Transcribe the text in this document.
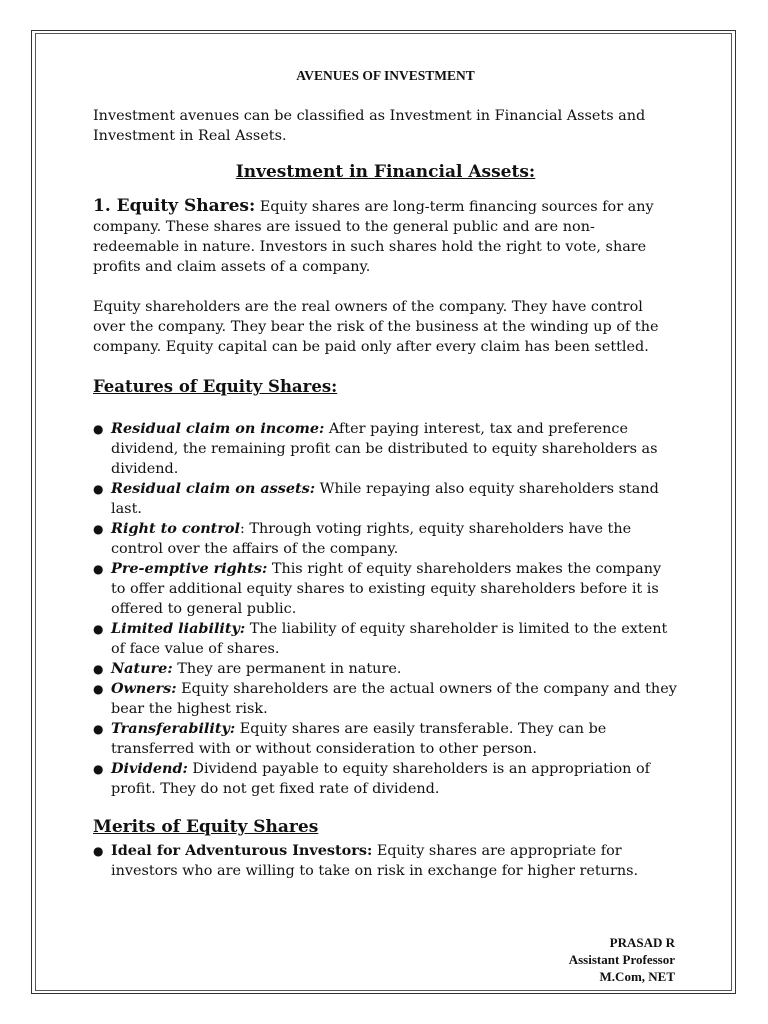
AVENUES OF INVESTMENT

Investment avenues can be classified as Investment in Financial Assets and Investment in Real Assets.

Investment in Financial Assets:

1. Equity Shares: Equity shares are long-term financing sources for any company. These shares are issued to the general public and are non-redeemable in nature. Investors in such shares hold the right to vote, share profits and claim assets of a company.

Equity shareholders are the real owners of the company. They have control over the company. They bear the risk of the business at the winding up of the company. Equity capital can be paid only after every claim has been settled.

Features of Equity Shares:
● Residual claim on income: After paying interest, tax and preference dividend, the remaining profit can be distributed to equity shareholders as dividend.
● Residual claim on assets: While repaying also equity shareholders stand last.
● Right to control: Through voting rights, equity shareholders have the control over the affairs of the company.
● Pre-emptive rights: This right of equity shareholders makes the company to offer additional equity shares to existing equity shareholders before it is offered to general public.
● Limited liability: The liability of equity shareholder is limited to the extent of face value of shares.
● Nature: They are permanent in nature.
● Owners: Equity shareholders are the actual owners of the company and they bear the highest risk.
● Transferability: Equity shares are easily transferable. They can be transferred with or without consideration to other person.
● Dividend: Dividend payable to equity shareholders is an appropriation of profit. They do not get fixed rate of dividend.
Merits of Equity Shares
● Ideal for Adventurous Investors: Equity shares are appropriate for investors who are willing to take on risk in exchange for higher returns.
PRASAD R
Assistant Professor
M.Com, NET
